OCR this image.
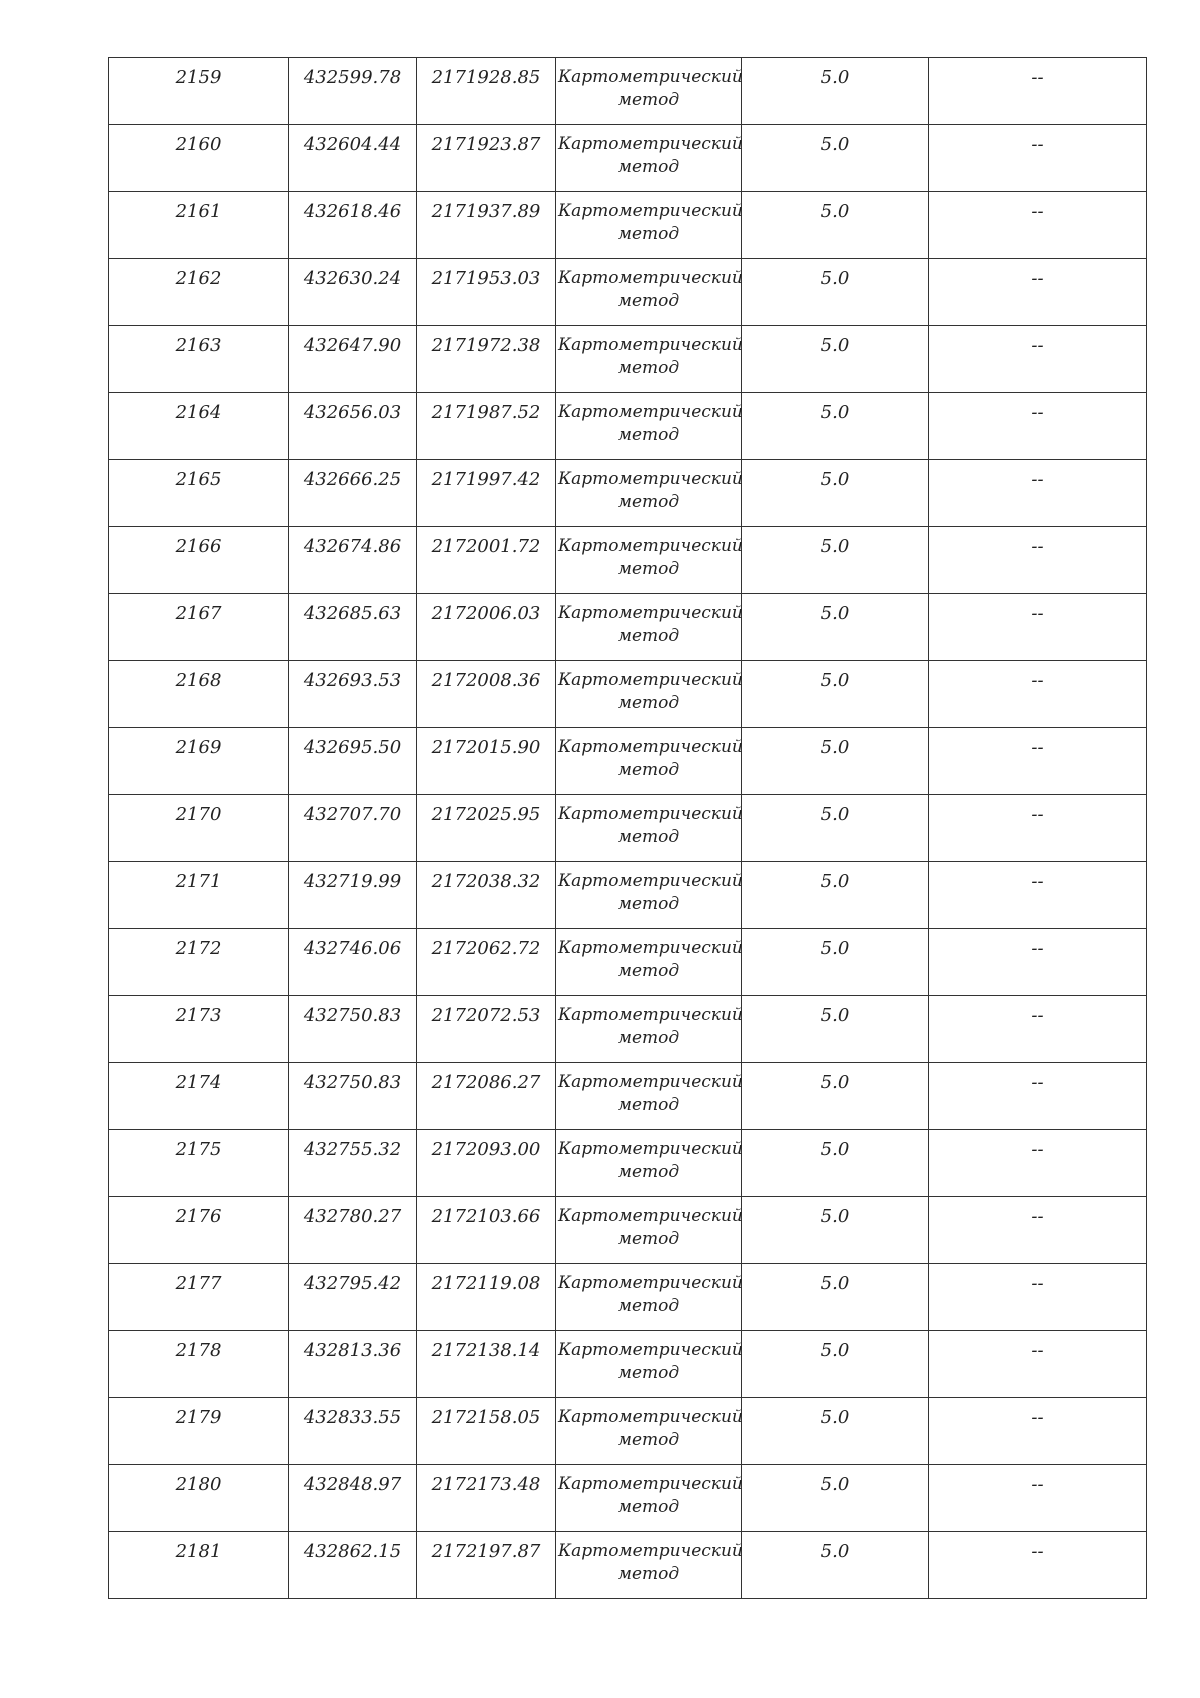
2159	432599.78	2171928.85	Картометрический
метод	5.0	--
2160	432604.44	2171923.87	Картометрический
метод	5.0	--
2161	432618.46	2171937.89	Картометрический
метод	5.0	--
2162	432630.24	2171953.03	Картометрический
метод	5.0	--
2163	432647.90	2171972.38	Картометрический
метод	5.0	--
2164	432656.03	2171987.52	Картометрический
метод	5.0	--
2165	432666.25	2171997.42	Картометрический
метод	5.0	--
2166	432674.86	2172001.72	Картометрический
метод	5.0	--
2167	432685.63	2172006.03	Картометрический
метод	5.0	--
2168	432693.53	2172008.36	Картометрический
метод	5.0	--
2169	432695.50	2172015.90	Картометрический
метод	5.0	--
2170	432707.70	2172025.95	Картометрический
метод	5.0	--
2171	432719.99	2172038.32	Картометрический
метод	5.0	--
2172	432746.06	2172062.72	Картометрический
метод	5.0	--
2173	432750.83	2172072.53	Картометрический
метод	5.0	--
2174	432750.83	2172086.27	Картометрический
метод	5.0	--
2175	432755.32	2172093.00	Картометрический
метод	5.0	--
2176	432780.27	2172103.66	Картометрический
метод	5.0	--
2177	432795.42	2172119.08	Картометрический
метод	5.0	--
2178	432813.36	2172138.14	Картометрический
метод	5.0	--
2179	432833.55	2172158.05	Картометрический
метод	5.0	--
2180	432848.97	2172173.48	Картометрический
метод	5.0	--
2181	432862.15	2172197.87	Картометрический
метод	5.0	--
